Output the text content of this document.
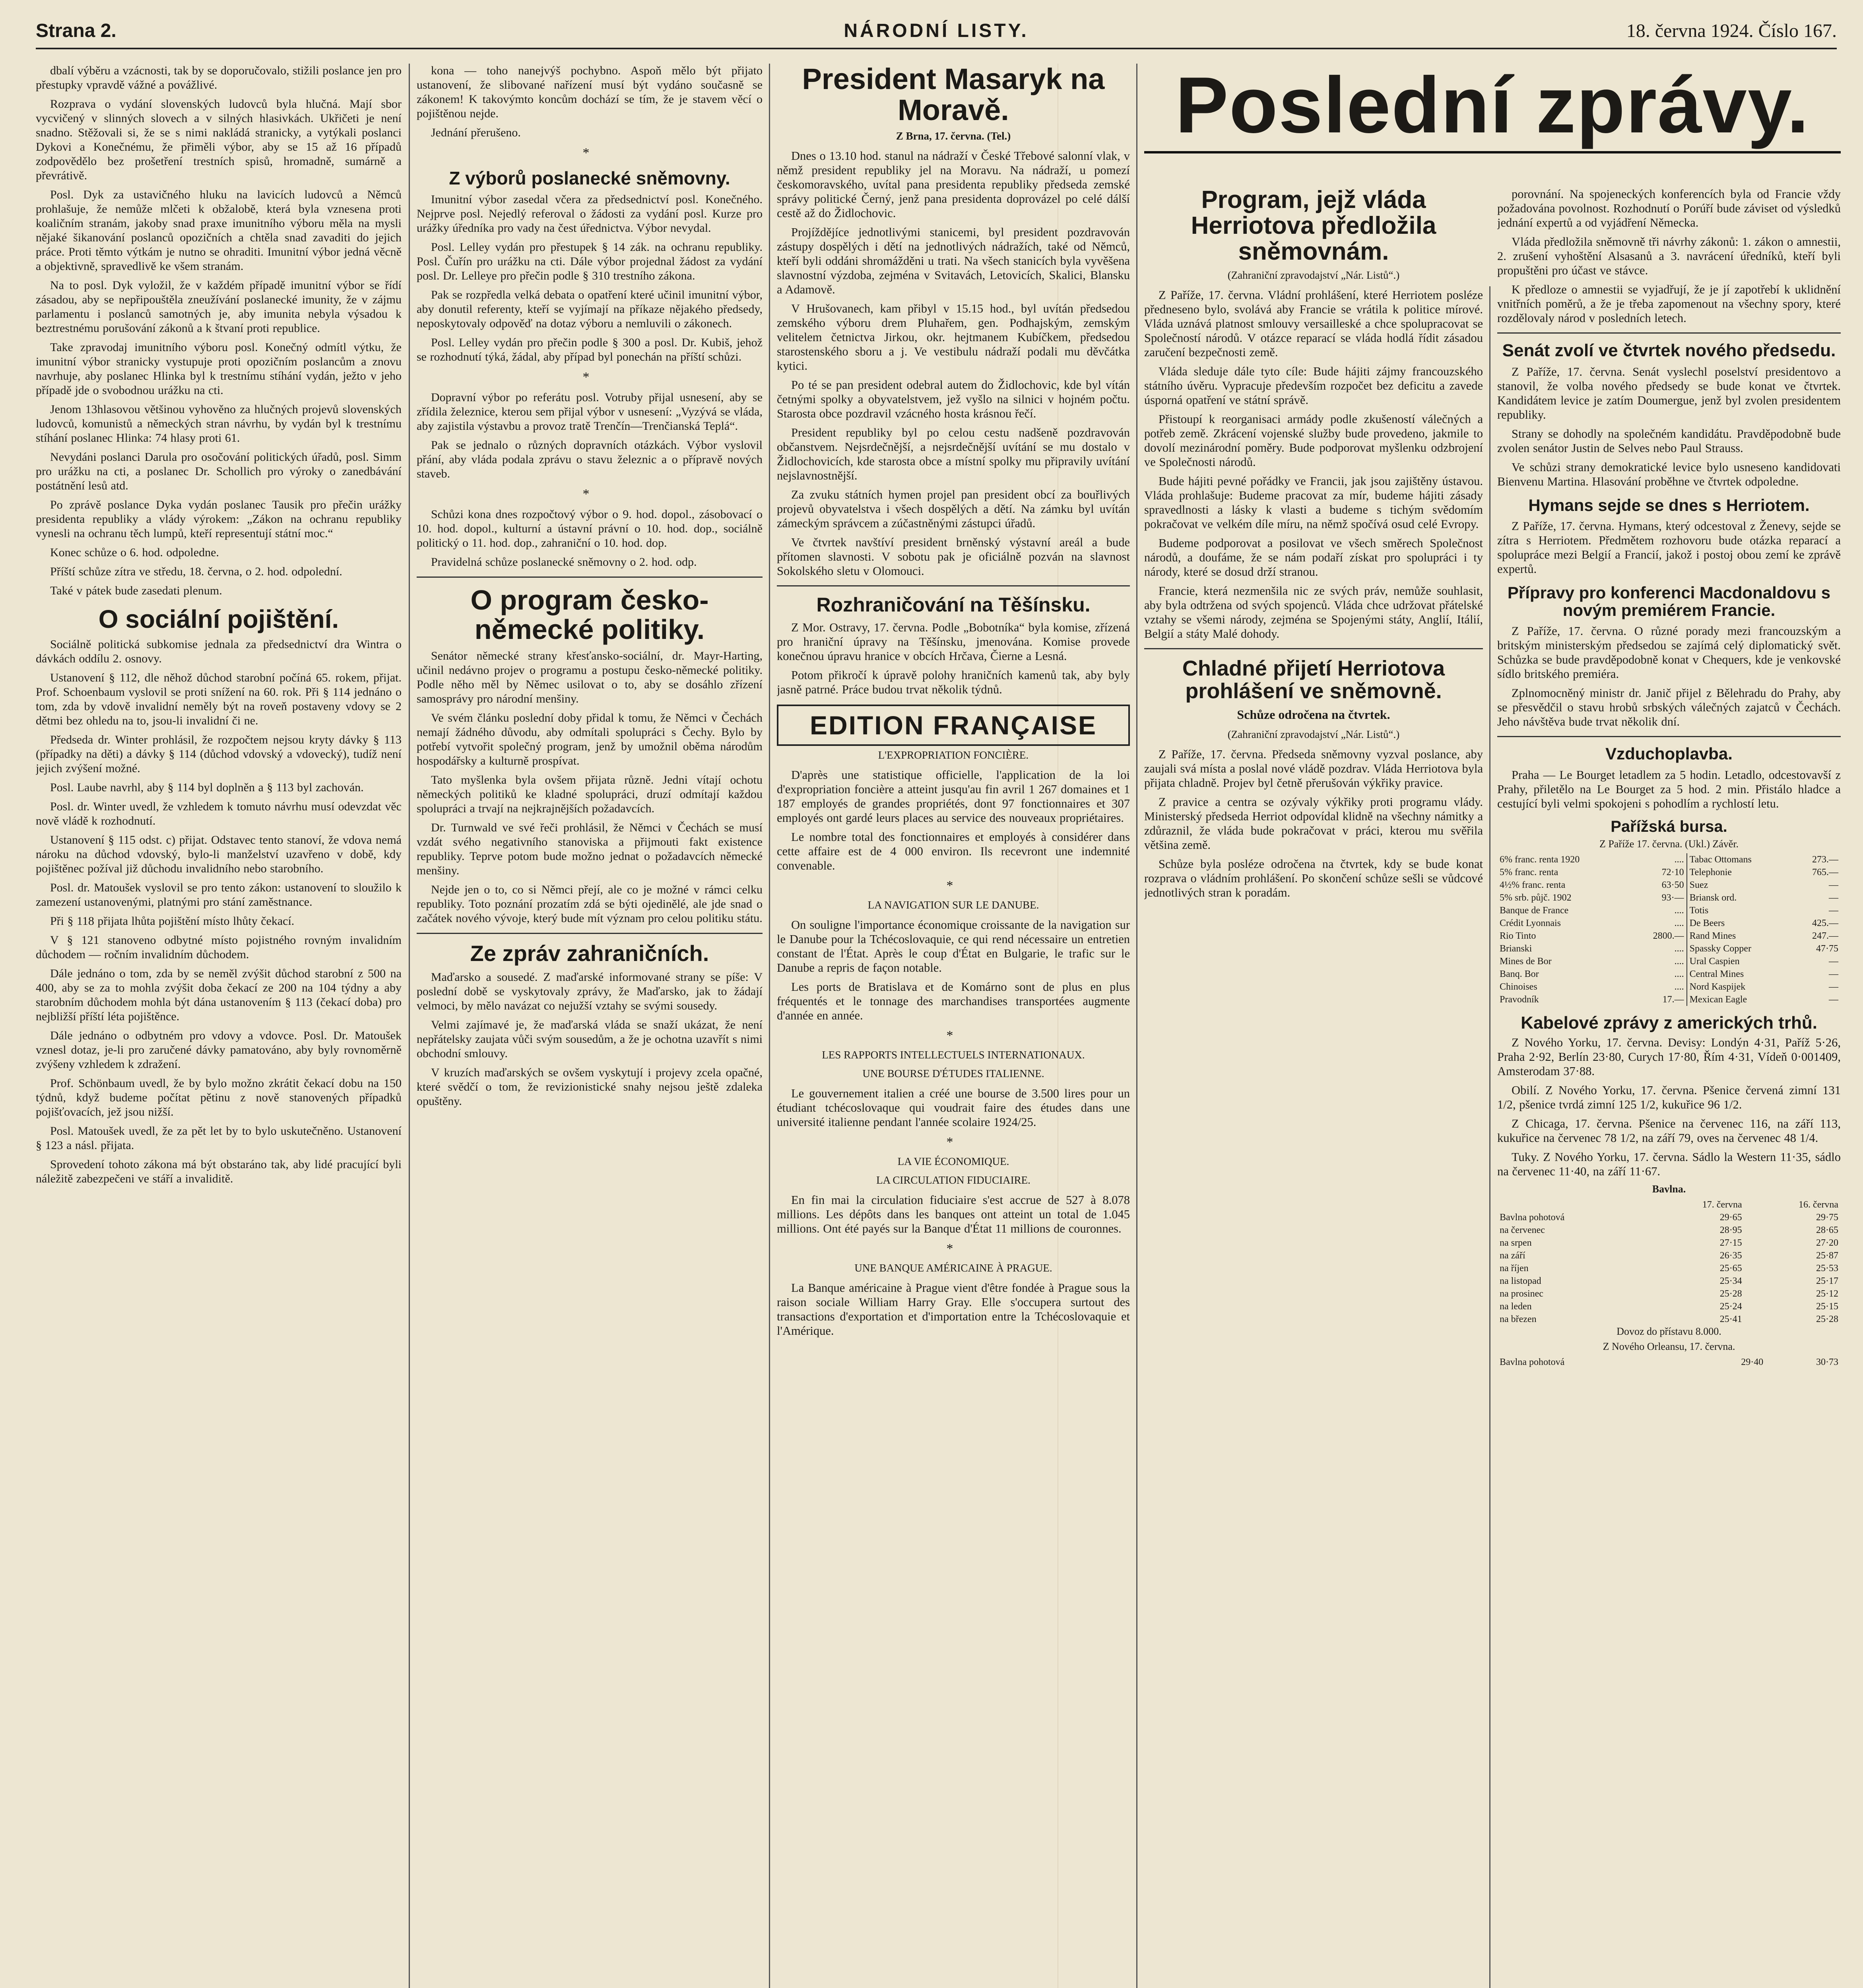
Strana 2.	NÁRODNÍ LISTY.	18. června 1924. Číslo 167.

dbalí výběru a vzácnosti, tak by se doporučovalo, stižili poslance jen pro přestupky vpravdě vážné a povážlivé.

Rozprava o vydání slovenských ludovců byla hlučná. Mají sbor vycvičený v slinných slovech a v silných hlasivkách. Ukřičeti je není snadno. Stěžovali si, že se s nimi nakládá stranicky, a vytýkali poslanci Dykovi a Konečnému, že přiměli výbor, aby se 15 až 16 případů zodpovědělo bez prošetření trestních spisů, hromadně, sumárně a převrátivě.

Posl. Dyk za ustavičného hluku na lavicích ludovců a Němců prohlašuje, že nemůže mlčeti k obžalobě, která byla vznesena proti koaličním stranám, jakoby snad praxe imunitního výboru měla na mysli nějaké šikanování poslanců opozičních a chtěla snad zavaditi do jejich práce. Proti těmto výtkám je nutno se ohraditi. Imunitní výbor jedná věcně a objektivně, spravedlivě ke všem stranám.

Na to posl. Dyk vyložil, že v každém případě imunitní výbor se řídí zásadou, aby se nepřipouštěla zneužívání poslanecké imunity, že v zájmu parlamentu i poslanců samotných je, aby imunita nebyla výsadou k beztrestnému porušování zákonů a k štvaní proti republice.

Take zpravodaj imunitního výboru posl. Konečný odmítl výtku, že imunitní výbor stranicky vystupuje proti opozičním poslancům a znovu navrhuje, aby poslanec Hlinka byl k trestnímu stíhání vydán, ježto v jeho případě jde o svobodnou urážku na cti.

Jenom 13hlasovou většinou vyhověno za hlučných projevů slovenských ludovců, komunistů a německých stran návrhu, by vydán byl k trestnímu stíhání poslanec Hlinka: 74 hlasy proti 61.

Nevydáni poslanci Darula pro osočování politických úřadů, posl. Simm pro urážku na cti, a poslanec Dr. Schollich pro výroky o zanedbávání postátnění lesů atd.

Po zprávě poslance Dyka vydán poslanec Tausik pro přečin urážky presidenta republiky a vlády výrokem: „Zákon na ochranu republiky vynesli na ochranu těch lumpů, kteří representují státní moc.“

Konec schůze o 6. hod. odpoledne.

Příští schůze zítra ve středu, 18. června, o 2. hod. odpolední.

Také v pátek bude zasedati plenum.

O sociální pojištění.

Sociálně politická subkomise jednala za předsednictví dra Wintra o dávkách oddílu 2. osnovy.

Ustanovení § 112, dle něhož důchod starobní počíná 65. rokem, přijat. Prof. Schoenbaum vyslovil se proti snížení na 60. rok. Při § 114 jednáno o tom, zda by vdově invalidní neměly být na roveň postaveny vdovy se 2 dětmi bez ohledu na to, jsou-li invalidní či ne.

Předseda dr. Winter prohlásil, že rozpočtem nejsou kryty dávky § 113 (případky na děti) a dávky § 114 (důchod vdovský a vdovecký), tudíž není jejich zvýšení možné.

Posl. Laube navrhl, aby § 114 byl doplněn a § 113 byl zachován.

Posl. dr. Winter uvedl, že vzhledem k tomuto návrhu musí odevzdat věc nově vládě k rozhodnutí.

Ustanovení § 115 odst. c) přijat. Odstavec tento stanoví, že vdova nemá nároku na důchod vdovský, bylo-li manželství uzavřeno v době, kdy pojištěnec požíval již důchodu invalidního nebo starobního.

Posl. dr. Matoušek vyslovil se pro tento zákon: ustanovení to sloužilo k zamezení ustanovenými, platnými pro stání zaměstnance.

Při § 118 přijata lhůta pojištění místo lhůty čekací.

V § 121 stanoveno odbytné místo pojistného rovným invalidním důchodem — ročním invalidním důchodem.

Dále jednáno o tom, zda by se neměl zvýšit důchod starobní z 500 na 400, aby se za to mohla zvýšit doba čekací ze 200 na 104 týdny a aby starobním důchodem mohla být dána ustanovením § 113 (čekací doba) pro nejbližší příští léta pojištěnce.

Dále jednáno o odbytném pro vdovy a vdovce. Posl. Dr. Matoušek vznesl dotaz, je-li pro zaručené dávky pamatováno, aby byly rovnoměrně zvýšeny vzhledem k zdražení.

Prof. Schönbaum uvedl, že by bylo možno zkrátit čekací dobu na 150 týdnů, když budeme počítat pětinu z nově stanovených případků pojišťovacích, jež jsou nižší.

Posl. Matoušek uvedl, že za pět let by to bylo uskutečněno. Ustanovení § 123 a násl. přijata.

Sprovedení tohoto zákona má být obstaráno tak, aby lidé pracující byli náležitě zabezpečeni ve stáří a invaliditě.

kona — toho nanejvýš pochybno. Aspoň mělo být přijato ustanovení, že slibované nařízení musí být vydáno současně se zákonem! K takovýmto koncům dochází se tím, že je stavem věcí o pojištěnou nejde.

Jednání přerušeno.

*
Z výborů poslanecké sněmovny.

Imunitní výbor zasedal včera za předsednictví posl. Konečného. Nejprve posl. Nejedlý referoval o žádosti za vydání posl. Kurze pro urážky úředníka pro vady na čest úřednictva. Výbor nevydal.

Posl. Lelley vydán pro přestupek § 14 zák. na ochranu republiky. Posl. Čuřín pro urážku na cti. Dále výbor projednal žádost za vydání posl. Dr. Lelleye pro přečin podle § 310 trestního zákona.

Pak se rozpředla velká debata o opatření které učinil imunitní výbor, aby donutil referenty, kteří se vyjímají na příkaze nějakého předsedy, neposkytovaly odpověď na dotaz výboru a nemluvili o zákonech.

Posl. Lelley vydán pro přečin podle § 300 a posl. Dr. Kubiš, jehož se rozhodnutí týká, žádal, aby případ byl ponechán na příští schůzi.

*

Dopravní výbor po referátu posl. Votruby přijal usnesení, aby se zřídila železnice, kterou sem přijal výbor v usnesení: „Vyzývá se vláda, aby zajistila výstavbu a provoz tratě Trenčín—Trenčianská Teplá“.

Pak se jednalo o různých dopravních otázkách. Výbor vyslovil přání, aby vláda podala zprávu o stavu železnic a o přípravě nových staveb.

*

Schůzi kona dnes rozpočtový výbor o 9. hod. dopol., zásobovací o 10. hod. dopol., kulturní a ústavní právní o 10. hod. dop., sociálně politický o 11. hod. dop., zahraniční o 10. hod. dop.

Pravidelná schůze poslanecké sněmovny o 2. hod. odp.

O program česko-německé politiky.

Senátor německé strany křesťansko-sociální, dr. Mayr-Harting, učinil nedávno projev o programu a postupu česko-německé politiky. Podle něho měl by Němec usilovat o to, aby se dosáhlo zřízení samosprávy pro národní menšiny.

Ve svém článku poslední doby přidal k tomu, že Němci v Čechách nemají žádného důvodu, aby odmítali spolupráci s Čechy. Bylo by potřebí vytvořit společný program, jenž by umožnil oběma národům hospodářsky a kulturně prospívat.

Tato myšlenka byla ovšem přijata různě. Jedni vítají ochotu německých politiků ke kladné spolupráci, druzí odmítají každou spolupráci a trvají na nejkrajnějších požadavcích.

Dr. Turnwald ve své řeči prohlásil, že Němci v Čechách se musí vzdát svého negativního stanoviska a přijmouti fakt existence republiky. Teprve potom bude možno jednat o požadavcích německé menšiny.

Nejde jen o to, co si Němci přejí, ale co je možné v rámci celku republiky. Toto poznání prozatím zdá se býti ojedinělé, ale jde snad o začátek nového vývoje, který bude mít význam pro celou politiku státu.

Ze zpráv zahraničních.

Maďarsko a sousedé. Z maďarské informované strany se píše: V poslední době se vyskytovaly zprávy, že Maďarsko, jak to žádají velmoci, by mělo navázat co nejužší vztahy se svými sousedy.

Velmi zajímavé je, že maďarská vláda se snaží ukázat, že není nepřátelsky zaujata vůči svým sousedům, a že je ochotna uzavřít s nimi obchodní smlouvy.

V kruzích maďarských se ovšem vyskytují i projevy zcela opačné, které svědčí o tom, že revizionistické snahy nejsou ještě zdaleka opuštěny.

President Masaryk na Moravě.
Z Brna, 17. června. (Tel.)

Dnes o 13.10 hod. stanul na nádraží v České Třebové salonní vlak, v němž president republiky jel na Moravu. Na nádraží, u pomezí českomoravského, uvítal pana presidenta republiky předseda zemské správy politické Černý, jenž pana presidenta doprovázel po celé dálší cestě až do Židlochovic.

Projíždějíce jednotlivými stanicemi, byl president pozdravován zástupy dospělých i dětí na jednotlivých nádražích, také od Němců, kteří byli oddáni shromážděni u trati. Na všech stanicích byla vyvěšena slavnostní výzdoba, zejména v Svitavách, Letovicích, Skalici, Blansku a Adamově.

V Hrušovanech, kam přibyl v 15.15 hod., byl uvítán předsedou zemského výboru drem Pluhařem, gen. Podhajským, zemským velitelem četnictva Jirkou, okr. hejtmanem Kubíčkem, předsedou starostenského sboru a j. Ve vestibulu nádraží podali mu děvčátka kytici.

Po té se pan president odebral autem do Židlochovic, kde byl vítán četnými spolky a obyvatelstvem, jež vyšlo na silnici v hojném počtu. Starosta obce pozdravil vzácného hosta krásnou řečí.

President republiky byl po celou cestu nadšeně pozdravován občanstvem. Nejsrdečnější, a nejsrdečnější uvítání se mu dostalo v Židlochovicích, kde starosta obce a místní spolky mu připravily uvítání nejslavnostnější.

Za zvuku státních hymen projel pan president obcí za bouřlivých projevů obyvatelstva i všech dospělých a dětí. Na zámku byl uvítán zámeckým správcem a zúčastněnými zástupci úřadů.

Ve čtvrtek navštíví president brněnský výstavní areál a bude přítomen slavnosti. V sobotu pak je oficiálně pozván na slavnost Sokolského sletu v Olomouci.

Rozhraničování na Těšínsku.

Z Mor. Ostravy, 17. června. Podle „Bobotníka“ byla komise, zřízená pro hraniční úpravy na Těšínsku, jmenována. Komise provede konečnou úpravu hranice v obcích Hrčava, Čierne a Lesná.

Potom přikročí k úpravě polohy hraničních kamenů tak, aby byly jasně patrné. Práce budou trvat několik týdnů.

EDITION FRANÇAISE
L'EXPROPRIATION FONCIÈRE.

D'après une statistique officielle, l'application de la loi d'expropriation foncière a atteint jusqu'au fin avril 1 267 domaines et 1 187 employés de grandes propriétés, dont 97 fonctionnaires et 307 employés ont gardé leurs places au service des nouveaux propriétaires.

Le nombre total des fonctionnaires et employés à considérer dans cette affaire est de 4 000 environ. Ils recevront une indemnité convenable.

*
LA NAVIGATION SUR LE DANUBE.

On souligne l'importance économique croissante de la navigation sur le Danube pour la Tchécoslovaquie, ce qui rend nécessaire un entretien constant de l'État. Après le coup d'État en Bulgarie, le trafic sur le Danube a repris de façon notable.

Les ports de Bratislava et de Komárno sont de plus en plus fréquentés et le tonnage des marchandises transportées augmente d'année en année.

*
LES RAPPORTS INTELLECTUELS INTERNATIONAUX.
UNE BOURSE D'ÉTUDES ITALIENNE.

Le gouvernement italien a créé une bourse de 3.500 lires pour un étudiant tchécoslovaque qui voudrait faire des études dans une université italienne pendant l'année scolaire 1924/25.

*
LA VIE ÉCONOMIQUE.
LA CIRCULATION FIDUCIAIRE.

En fin mai la circulation fiduciaire s'est accrue de 527 à 8.078 millions. Les dépôts dans les banques ont atteint un total de 1.045 millions. Ont été payés sur la Banque d'État 11 millions de couronnes.

*
UNE BANQUE AMÉRICAINE À PRAGUE.

La Banque américaine à Prague vient d'être fondée à Prague sous la raison sociale William Harry Gray. Elle s'occupera surtout des transactions d'exportation et d'importation entre la Tchécoslovaquie et l'Amérique.

Poslední zprávy.
Program, jejž vláda Herriotova předložila sněmovnám.
(Zahraniční zpravodajství „Nár. Listů“.)

Z Paříže, 17. června. Vládní prohlášení, které Herriotem posléze předneseno bylo, svolává aby Francie se vrátila k politice mírové. Vláda uznává platnost smlouvy versailleské a chce spolupracovat se Společností národů. V otázce reparací se vláda hodlá řídit zásadou zaručení bezpečnosti země.

Vláda sleduje dále tyto cíle: Bude hájiti zájmy francouzského státního úvěru. Vypracuje především rozpočet bez deficitu a zavede úsporná opatření ve státní správě.

Přistoupí k reorganisaci armády podle zkušeností válečných a potřeb země. Zkrácení vojenské služby bude provedeno, jakmile to dovolí mezinárodní poměry. Bude podporovat myšlenku odzbrojení ve Společnosti národů.

Bude hájiti pevné pořádky ve Francii, jak jsou zajištěny ústavou. Vláda prohlašuje: Budeme pracovat za mír, budeme hájiti zásady spravedlnosti a lásky k vlasti a budeme s tichým svědomím pokračovat ve velkém díle míru, na němž spočívá osud celé Evropy.

Budeme podporovat a posilovat ve všech směrech Společnost národů, a doufáme, že se nám podaří získat pro spolupráci i ty národy, které se dosud drží stranou.

Francie, která nezmenšila nic ze svých práv, nemůže souhlasit, aby byla odtržena od svých spojenců. Vláda chce udržovat přátelské vztahy se všemi národy, zejména se Spojenými státy, Anglií, Itálií, Belgií a státy Malé dohody.

Chladné přijetí Herriotova prohlášení ve sněmovně.
Schůze odročena na čtvrtek.
(Zahraniční zpravodajství „Nár. Listů“.)

Z Paříže, 17. června. Předseda sněmovny vyzval poslance, aby zaujali svá místa a poslal nové vládě pozdrav. Vláda Herriotova byla přijata chladně. Projev byl četně přerušován výkřiky pravice.

Z pravice a centra se ozývaly výkřiky proti programu vlády. Ministerský předseda Herriot odpovídal klidně na všechny námitky a zdůraznil, že vláda bude pokračovat v práci, kterou mu svěřila většina země.

Schůze byla posléze odročena na čtvrtek, kdy se bude konat rozprava o vládním prohlášení. Po skončení schůze sešli se vůdcové jednotlivých stran k poradám.

porovnání. Na spojeneckých konferencích byla od Francie vždy požadována povolnost. Rozhodnutí o Porúří bude záviset od výsledků jednání expertů a od vyjádření Německa.

Vláda předložila sněmovně tři návrhy zákonů: 1. zákon o amnestii, 2. zrušení vyhoštění Alsasanů a 3. navrácení úředníků, kteří byli propuštěni pro účast ve stávce.

K předloze o amnestii se vyjadřují, že je jí zapotřebí k uklidnění vnitřních poměrů, a že je třeba zapomenout na všechny spory, které rozdělovaly národ v posledních letech.

Senát zvolí ve čtvrtek nového předsedu.

Z Paříže, 17. června. Senát vyslechl poselství presidentovo a stanovil, že volba nového předsedy se bude konat ve čtvrtek. Kandidátem levice je zatím Doumergue, jenž byl zvolen presidentem republiky.

Strany se dohodly na společném kandidátu. Pravděpodobně bude zvolen senátor Justin de Selves nebo Paul Strauss.

Ve schůzi strany demokratické levice bylo usneseno kandidovati Bienvenu Martina. Hlasování proběhne ve čtvrtek odpoledne.

Hymans sejde se dnes s Herriotem.

Z Paříže, 17. června. Hymans, který odcestoval z Ženevy, sejde se zítra s Herriotem. Předmětem rozhovoru bude otázka reparací a spolupráce mezi Belgií a Francií, jakož i postoj obou zemí ke zprávě expertů.

Přípravy pro konferenci Macdonaldovu s novým premiérem Francie.

Z Paříže, 17. června. O různé porady mezi francouzským a britským ministerským předsedou se zajímá celý diplomatický svět. Schůzka se bude pravděpodobně konat v Chequers, kde je venkovské sídlo britského premiéra.

Zplnomocněný ministr dr. Janič přijel z Bělehradu do Prahy, aby se přesvědčil o stavu hrobů srbských válečných zajatců v Čechách. Jeho návštěva bude trvat několik dní.

Vzduchoplavba.

Praha — Le Bourget letadlem za 5 hodin. Letadlo, odcestovavší z Prahy, přiletělo na Le Bourget za 5 hod. 2 min. Přistálo hladce a cestující byli velmi spokojeni s pohodlím a rychlostí letu.

Pařížská bursa.
Z Paříže 17. června. (Ukl.) Závěr.
6% franc. renta 1920	....	Tabac Ottomans	273.—
5% franc. renta	72·10	Telephonie	765.—
4½% franc. renta	63·50	Suez	—
5% srb. půjč. 1902	93·—	Briansk ord.	—
Banque de France	....	Totis	—
Crédit Lyonnais	....	De Beers	425.—
Rio Tinto	2800.—	Rand Mines	247.—
Brianski	....	Spassky Copper	47·75
Mines de Bor	....	Ural Caspien	—
Banq. Bor	....	Central Mines	—
Chinoises	....	Nord Kaspijek	—
Pravodník	17.—	Mexican Eagle	—
Kabelové zprávy z amerických trhů.

Z Nového Yorku, 17. června. Devisy: Londýn 4·31, Paříž 5·26, Praha 2·92, Berlín 23·80, Curych 17·80, Řím 4·31, Vídeň 0·001409, Amsterodam 37·88.

Obilí. Z Nového Yorku, 17. června. Pšenice červená zimní 131 1/2, pšenice tvrdá zimní 125 1/2, kukuřice 96 1/2.

Z Chicaga, 17. června. Pšenice na červenec 116, na září 113, kukuřice na červenec 78 1/2, na září 79, oves na červenec 48 1/4.

Tuky. Z Nového Yorku, 17. června. Sádlo la Western 11·35, sádlo na červenec 11·40, na září 11·67.

Bavlna.
	17. června	16. června
Bavlna pohotová	29·65	29·75
na červenec	28·95	28·65
na srpen	27·15	27·20
na září	26·35	25·87
na říjen	25·65	25·53
na listopad	25·34	25·17
na prosinec	25·28	25·12
na leden	25·24	25·15
na březen	25·41	25·28
Dovoz do přístavu 8.000.
Z Nového Orleansu, 17. června.
Bavlna pohotová	29·40	30·73
